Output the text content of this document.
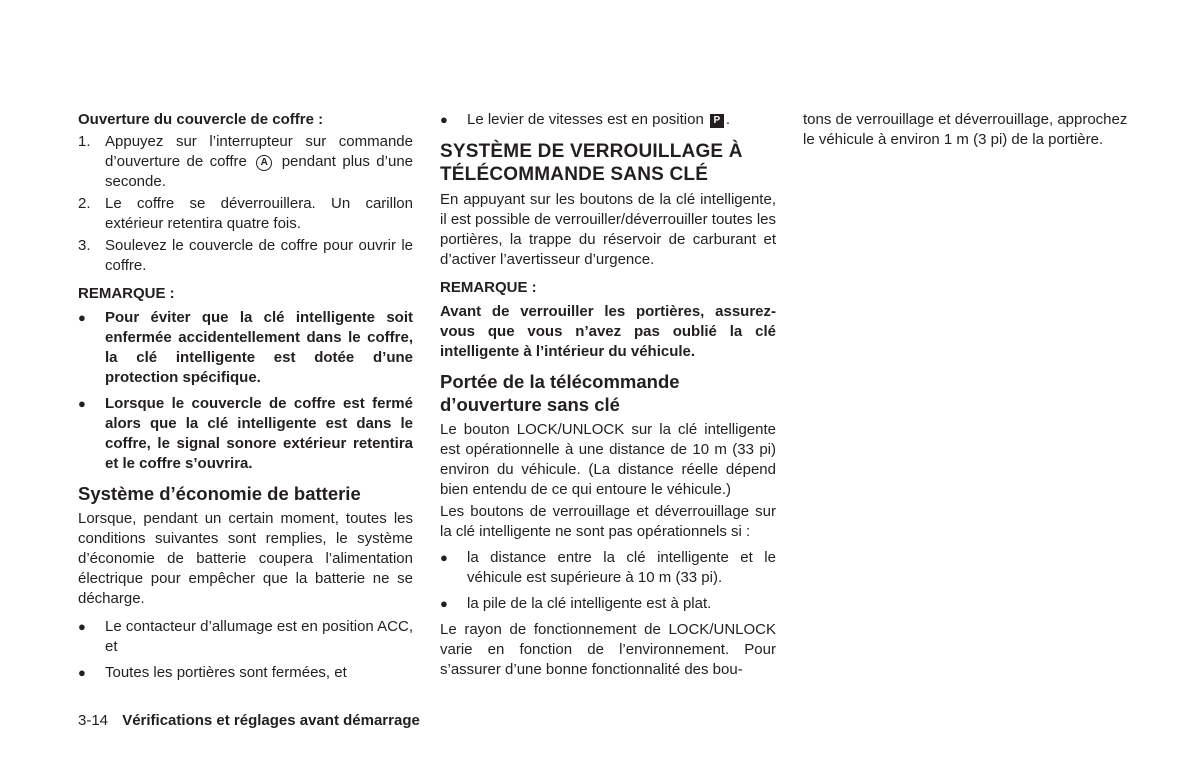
Ouverture du couvercle de coffre :

1. Appuyez sur l’interrupteur sur commande d’ouverture de coffre A pendant plus d’une seconde.
2. Le coffre se déverrouillera. Un carillon extérieur retentira quatre fois.
3. Soulevez le couvercle de coffre pour ouvrir le coffre.

REMARQUE :

●	Pour éviter que la clé intelligente soit enfermée accidentellement dans le coffre, la clé intelligente est dotée d’une protection spécifique.
●	Lorsque le couvercle de coffre est fermé alors que la clé intelligente est dans le coffre, le signal sonore extérieur retentira et le coffre s’ouvrira.
Système d’économie de batterie

Lorsque, pendant un certain moment, toutes les conditions suivantes sont remplies, le système d’économie de batterie coupera l’alimentation électrique pour empêcher que la batterie ne se décharge.

●	Le contacteur d’allumage est en position ACC, et
●	Toutes les portières sont fermées, et
●	Le levier de vitesses est en position P .
SYSTÈME DE VERROUILLAGE À TÉLÉCOMMANDE SANS CLÉ

En appuyant sur les boutons de la clé intelligente, il est possible de verrouiller/déverrouiller toutes les portières, la trappe du réservoir de carburant et d’activer l’avertisseur d’urgence.

REMARQUE :

Avant de verrouiller les portières, assurez-vous que vous n’avez pas oublié la clé intelligente à l’intérieur du véhicule.

Portée de la télécommande d’ouverture sans clé

Le bouton LOCK/UNLOCK sur la clé intelligente est opérationnelle à une distance de 10 m (33 pi) environ du véhicule. (La distance réelle dépend bien entendu de ce qui entoure le véhicule.)

Les boutons de verrouillage et déverrouillage sur la clé intelligente ne sont pas opérationnels si :

●	la distance entre la clé intelligente et le véhicule est supérieure à 10 m (33 pi).
●	la pile de la clé intelligente est à plat.

Le rayon de fonctionnement de LOCK/UNLOCK varie en fonction de l’environnement. Pour s’assurer d’une bonne fonctionnalité des bou-

tons de verrouillage et déverrouillage, approchez le véhicule à environ 1 m (3 pi) de la portière.

3-14 Vérifications et réglages avant démarrage
